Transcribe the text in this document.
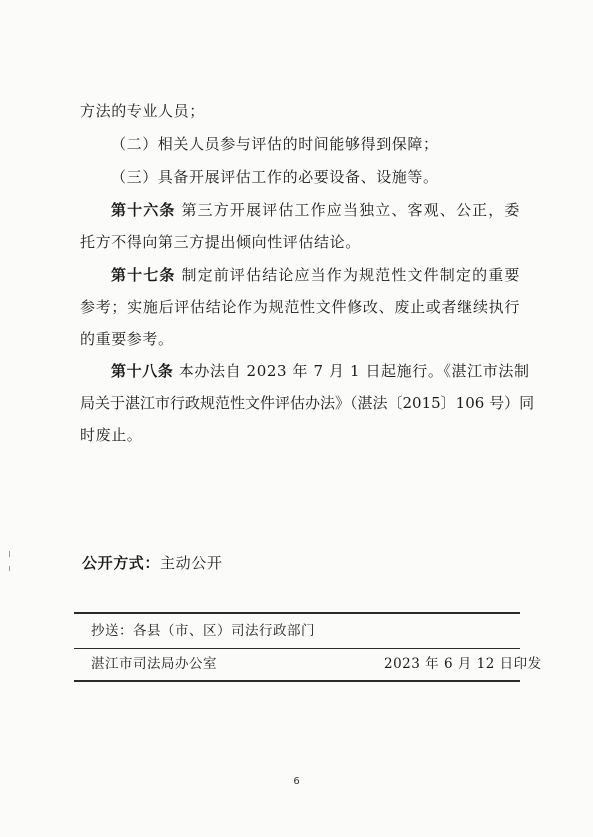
方法的专业人员；
（二）相关人员参与评估的时间能够得到保障；
（三）具备开展评估工作的必要设备、设施等。
第十六条 第三方开展评估工作应当独立、客观、公正，委
托方不得向第三方提出倾向性评估结论。
第十七条 制定前评估结论应当作为规范性文件制定的重要
参考；实施后评估结论作为规范性文件修改、废止或者继续执行
的重要参考。
第十八条 本办法自 2023 年 7 月 1 日起施行。《湛江市法制
局关于湛江市行政规范性文件评估办法》（湛法〔2015〕106 号）同
时废止。
公开方式：主动公开
抄送：各县（市、区）司法行政部门
湛江市司法局办公室	2023 年 6 月 12 日印发
6
